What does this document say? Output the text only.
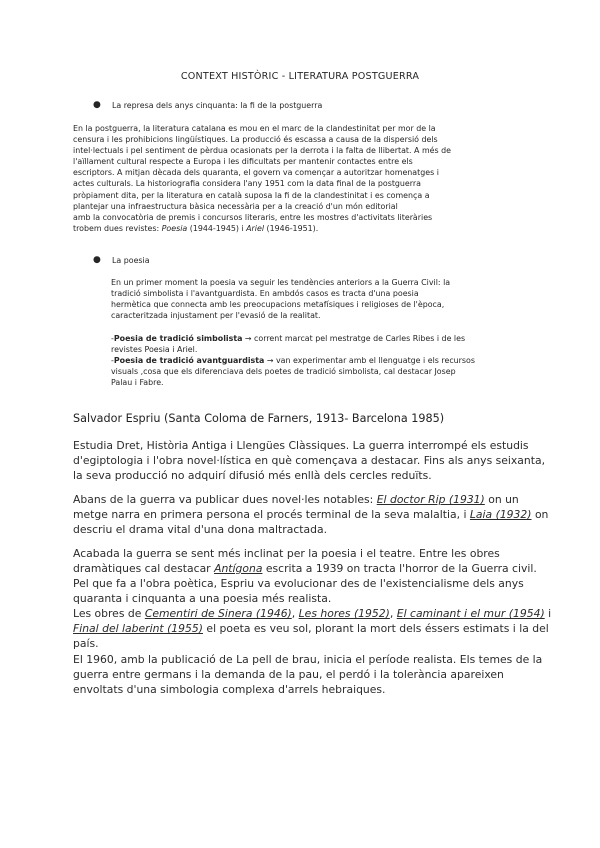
CONTEXT HISTÒRIC - LITERATURA POSTGUERRA
● La represa dels anys cinquanta: la fi de la postguerra
En la postguerra, la literatura catalana es mou en el marc de la clandestinitat per mor de la
censura i les prohibicions lingüístiques. La producció és escassa a causa de la dispersió dels
intel·lectuals i pel sentiment de pèrdua ocasionats per la derrota i la falta de llibertat. A més de
l'aïllament cultural respecte a Europa i les dificultats per mantenir contactes entre els
escriptors. A mitjan dècada dels quaranta, el govern va començar a autoritzar homenatges i
actes culturals. La historiografia considera l'any 1951 com la data final de la postguerra
pròpiament dita, per la literatura en català suposa la fi de la clandestinitat i es comença a
plantejar una infraestructura bàsica necessària per a la creació d'un món editorial
amb la convocatòria de premis i concursos literaris, entre les mostres d'activitats literàries
trobem dues revistes: Poesia (1944-1945) i Ariel (1946-1951).
● La poesia
En un primer moment la poesia va seguir les tendències anteriors a la Guerra Civil: la
tradició simbolista i l'avantguardista. En ambdós casos es tracta d'una poesia
hermètica que connecta amb les preocupacions metafísiques i religioses de l'època,
caracteritzada injustament per l'evasió de la realitat.
-Poesia de tradició simbolista → corrent marcat pel mestratge de Carles Ribes i de les
revistes Poesia i Ariel.
-Poesia de tradició avantguardista → van experimentar amb el llenguatge i els recursos
visuals ,cosa que els diferenciava dels poetes de tradició simbolista, cal destacar Josep
Palau i Fabre.
Salvador Espriu (Santa Coloma de Farners, 1913- Barcelona 1985)
Estudia Dret, Història Antiga i Llengües Clàssiques. La guerra interrompé els estudis
d'egiptologia i l'obra novel·lística en què començava a destacar. Fins als anys seixanta,
la seva producció no adquirí difusió més enllà dels cercles reduïts.
Abans de la guerra va publicar dues novel·les notables: El doctor Rip (1931) on un
metge narra en primera persona el procés terminal de la seva malaltia, i Laia (1932) on
descriu el drama vital d'una dona maltractada.
Acabada la guerra se sent més inclinat per la poesia i el teatre. Entre les obres
dramàtiques cal destacar Antígona escrita a 1939 on tracta l'horror de la Guerra civil.
Pel que fa a l'obra poètica, Espriu va evolucionar des de l'existencialisme dels anys
quaranta i cinquanta a una poesia més realista.
Les obres de Cementiri de Sinera (1946), Les hores (1952), El caminant i el mur (1954) i
Final del laberint (1955) el poeta es veu sol, plorant la mort dels éssers estimats i la del
país.
El 1960, amb la publicació de La pell de brau, inicia el període realista. Els temes de la
guerra entre germans i la demanda de la pau, el perdó i la tolerància apareixen
envoltats d'una simbologia complexa d'arrels hebraiques.
